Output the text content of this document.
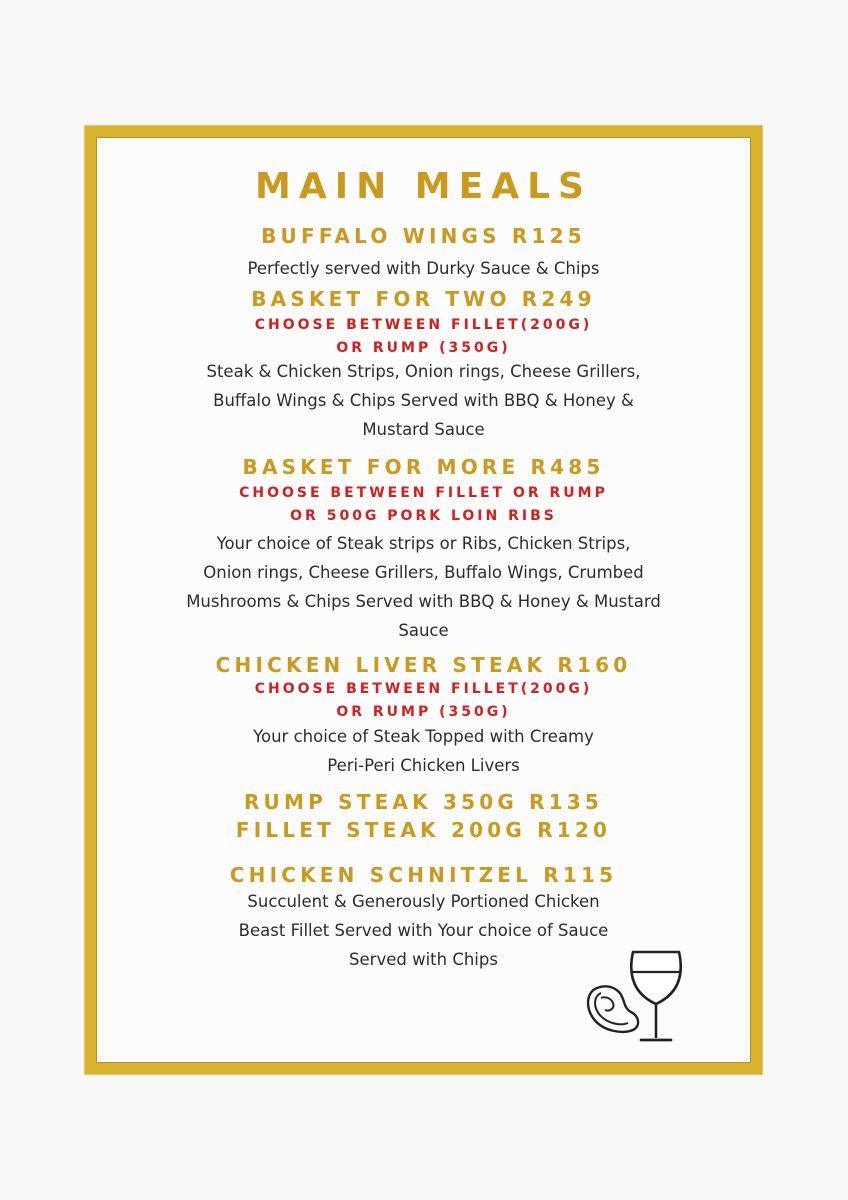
MAIN MEALS
BUFFALO WINGS R125
Perfectly served with Durky Sauce & Chips
BASKET FOR TWO R249
CHOOSE BETWEEN FILLET(200G)
OR RUMP (350G)
Steak & Chicken Strips, Onion rings, Cheese Grillers,
Buffalo Wings & Chips Served with BBQ & Honey &
Mustard Sauce
BASKET FOR MORE R485
CHOOSE BETWEEN FILLET OR RUMP
OR 500G PORK LOIN RIBS
Your choice of Steak strips or Ribs, Chicken Strips,
Onion rings, Cheese Grillers, Buffalo Wings, Crumbed
Mushrooms & Chips Served with BBQ & Honey & Mustard
Sauce
CHICKEN LIVER STEAK R160
CHOOSE BETWEEN FILLET(200G)
OR RUMP (350G)
Your choice of Steak Topped with Creamy
Peri-Peri Chicken Livers
RUMP STEAK 350G R135
FILLET STEAK 200G R120
CHICKEN SCHNITZEL R115
Succulent & Generously Portioned Chicken
Beast Fillet Served with Your choice of Sauce
Served with Chips
